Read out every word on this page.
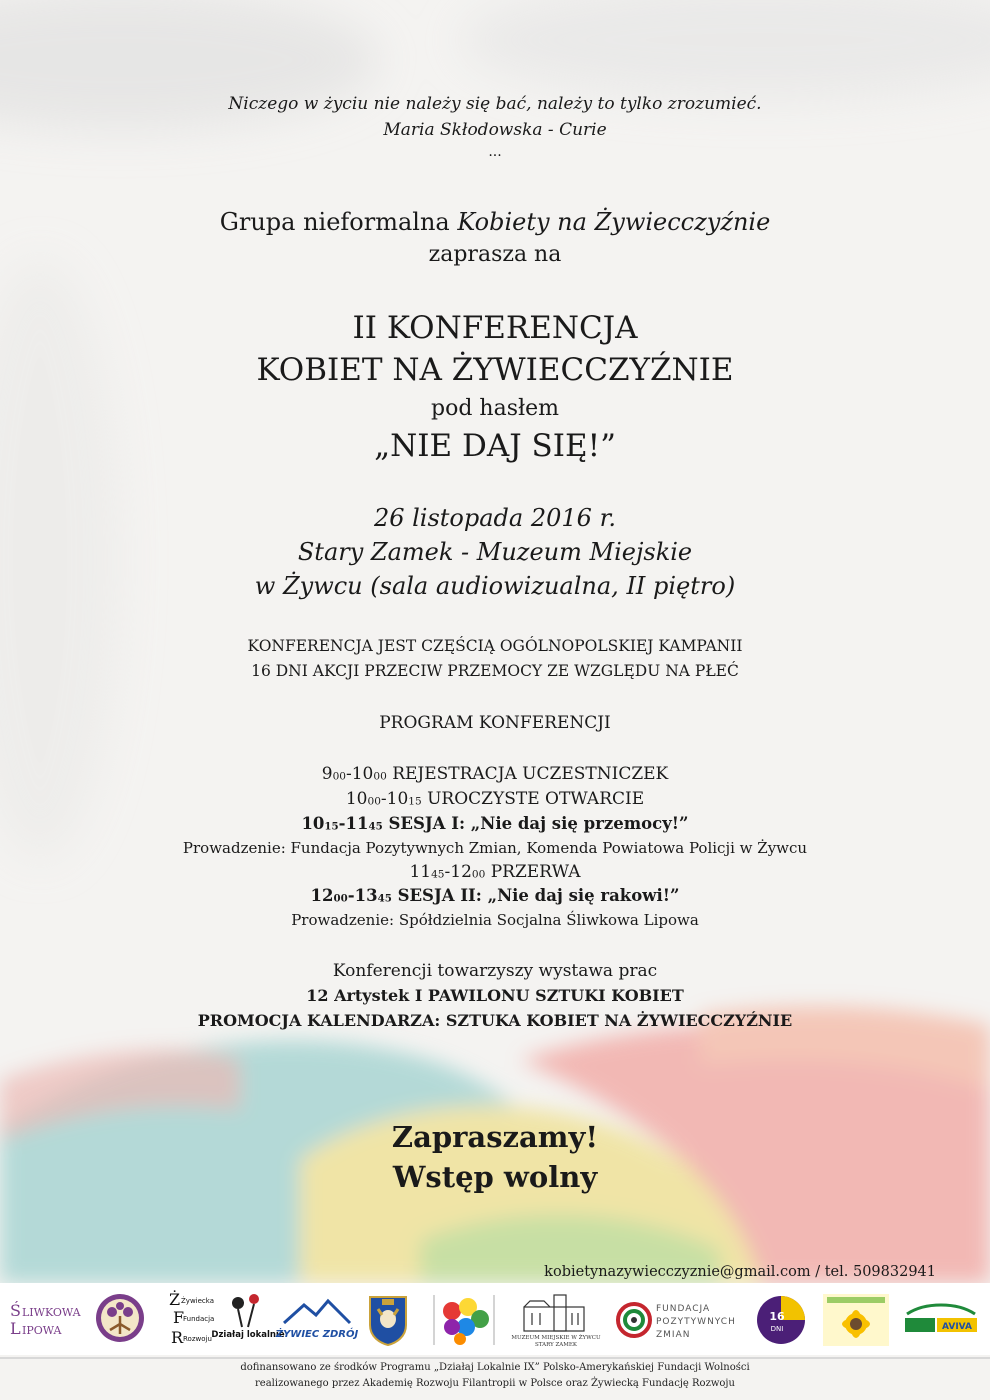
Niczego w życiu nie należy się bać, należy to tylko zrozumieć.
Maria Skłodowska - Curie
...
Grupa nieformalna Kobiety na Żywiecczyźnie
zaprasza na
II KONFERENCJA
KOBIET NA ŻYWIECCZYŹNIE
pod hasłem
„NIE DAJ SIĘ!”
26 listopada 2016 r.
Stary Zamek - Muzeum Miejskie
w Żywcu (sala audiowizualna, II piętro)
KONFERENCJA JEST CZĘŚCIĄ OGÓLNOPOLSKIEJ KAMPANII
16 DNI AKCJI PRZECIW PRZEMOCY ZE WZGLĘDU NA PŁEĆ
PROGRAM KONFERENCJI
$9_{00}-10_{00}$ REJESTRACJA UCZESTNICZEK
$10_{00}-10_{15}$ UROCZYSTE OTWARCIE
$10_{15}-11_{45}$ SESJA I: „Nie daj się przemocy!”
Prowadzenie: Fundacja Pozytywnych Zmian, Komenda Powiatowa Policji w Żywcu
$11_{45}-12_{00}$ PRZERWA
$12_{00}-13_{45}$ SESJA II: „Nie daj się rakowi!”
Prowadzenie: Spółdzielnia Socjalna Śliwkowa Lipowa
Konferencji towarzyszy wystawa prac
12 Artystek I PAWILONU SZTUKI KOBIET
PROMOCJA KALENDARZA: SZTUKA KOBIET NA ŻYWIECCZYŹNIE
Zapraszamy!
Wstęp wolny
kobietynazywiecczyznie@gmail.com / tel. 509832941
Ś LIWKOWA
L IPOWA
Ż Żywiecka
F
Fundacja
R Rozwoju Działaj lokalnie
ŻYWIEC ZDRÓJ	MUZEUM MIEJSKIE W ŻYWCU
STARY ZAMEK
FUNDACJA
POZYTYWNYCH
ZMIAN
16
DNI	AVIVA
dofinansowano ze środków Programu „Działaj Lokalnie IX” Polsko-Amerykańskiej Fundacji Wolności
realizowanego przez Akademię Rozwoju Filantropii w Polsce oraz Żywiecką Fundację Rozwoju
